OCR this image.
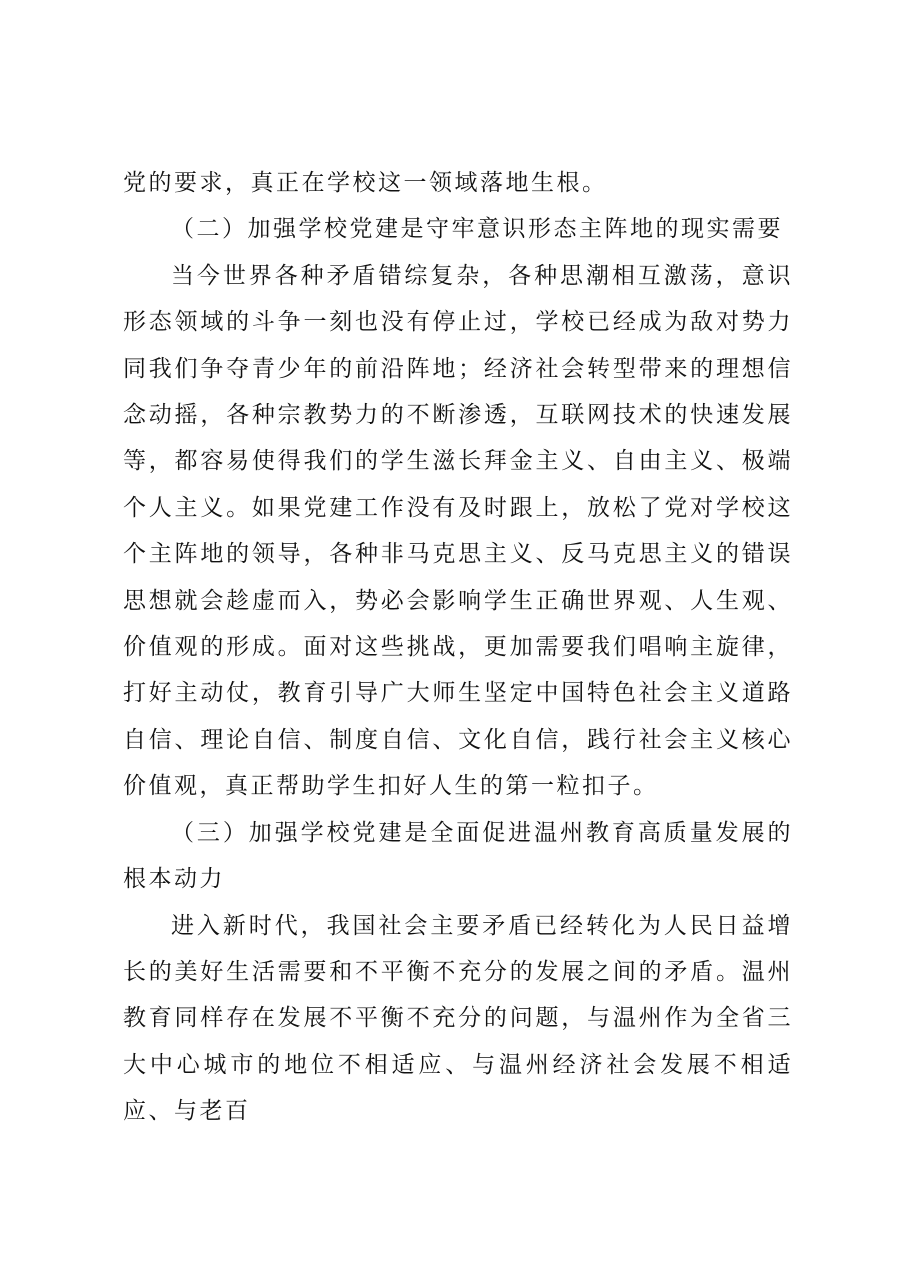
党的要求，真正在学校这一领域落地生根。

（二）加强学校党建是守牢意识形态主阵地的现实需要

当今世界各种矛盾错综复杂，各种思潮相互激荡，意识形态领域的斗争一刻也没有停止过，学校已经成为敌对势力同我们争夺青少年的前沿阵地；经济社会转型带来的理想信念动摇，各种宗教势力的不断渗透，互联网技术的快速发展等，都容易使得我们的学生滋长拜金主义、自由主义、极端个人主义。如果党建工作没有及时跟上，放松了党对学校这个主阵地的领导，各种非马克思主义、反马克思主义的错误思想就会趁虚而入，势必会影响学生正确世界观、人生观、价值观的形成。面对这些挑战，更加需要我们唱响主旋律，打好主动仗，教育引导广大师生坚定中国特色社会主义道路自信、理论自信、制度自信、文化自信，践行社会主义核心价值观，真正帮助学生扣好人生的第一粒扣子。

（三）加强学校党建是全面促进温州教育高质量发展的根本动力

进入新时代，我国社会主要矛盾已经转化为人民日益增长的美好生活需要和不平衡不充分的发展之间的矛盾。温州教育同样存在发展不平衡不充分的问题，与温州作为全省三大中心城市的地位不相适应、与温州经济社会发展不相适应、与老百
